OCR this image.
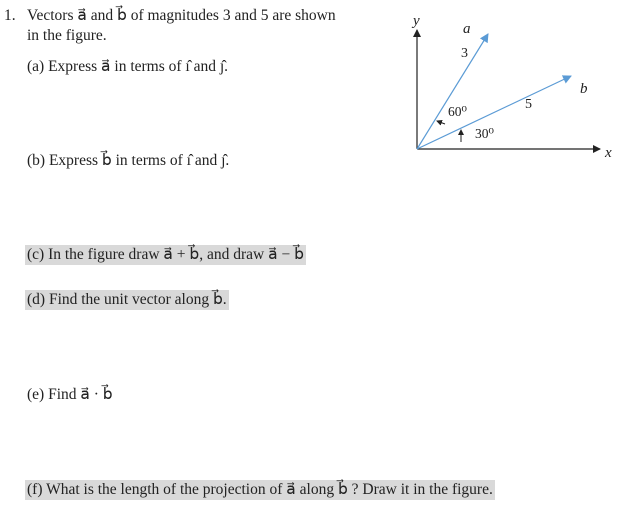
1. Vectors a⃗ and b⃗ of magnitudes 3 and 5 are shown
in the figure.
(a) Express a⃗ in terms of ı̂ and ȷ̂.
(b) Express b⃗ in terms of ı̂ and ȷ̂.
(c) In the figure draw a⃗ + b⃗, and draw a⃗ − b⃗
(d) Find the unit vector along b⃗.
(e) Find a⃗ · b⃗
(f) What is the length of the projection of a⃗ along b⃗ ? Draw it in the figure.
y
x
a⃗
3
b⃗
5
60⁰
30⁰
